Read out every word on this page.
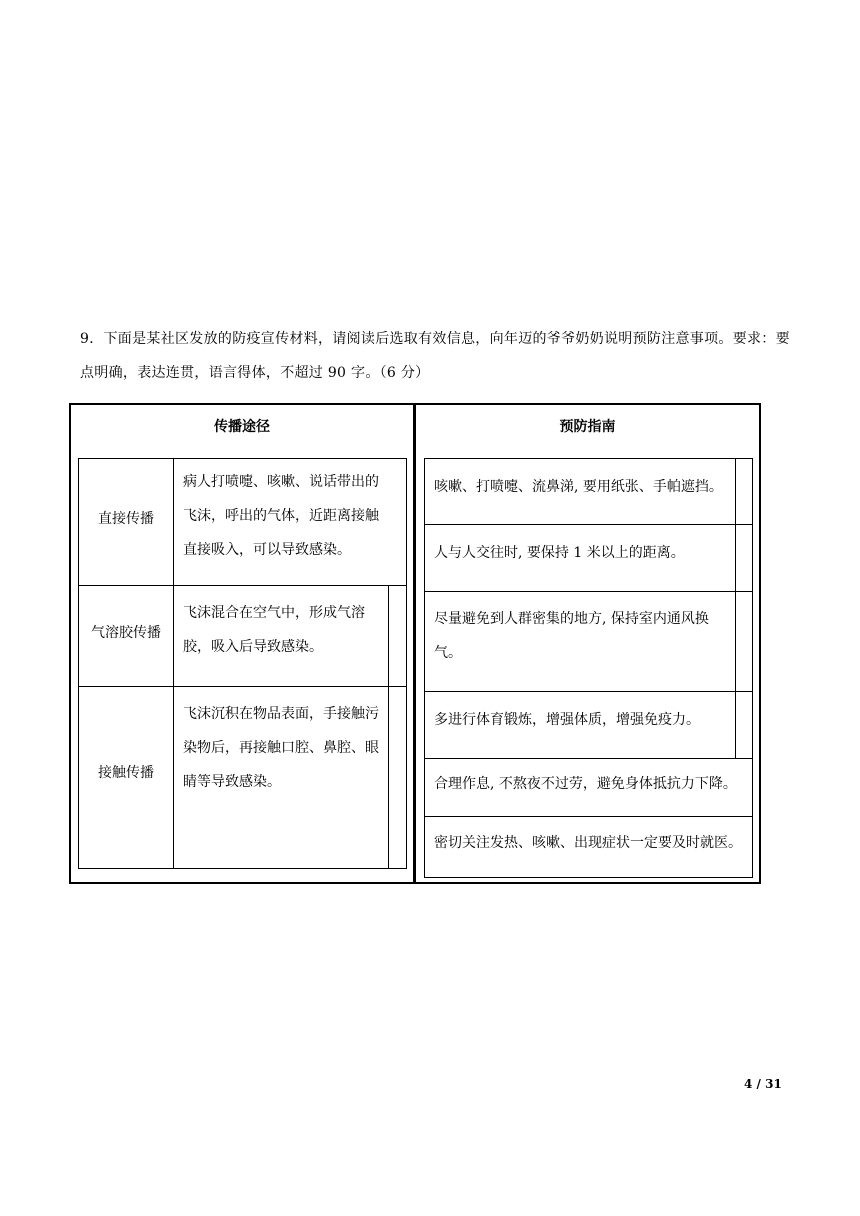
9．下面是某社区发放的防疫宣传材料，请阅读后选取有效信息，向年迈的爷爷奶奶说明预防注意事项。要求：要点明确，表达连贯，语言得体，不超过 90 字。（6 分）
传播途径	预防指南
直接传播
病人打喷嚏、咳嗽、说话带出的飞沫，呼出的气体，近距离接触直接吸入，可以导致感染。
气溶胶传播
飞沫混合在空气中，形成气溶胶，吸入后导致感染。
接触传播
飞沫沉积在物品表面，手接触污染物后，再接触口腔、鼻腔、眼睛等导致感染。
咳嗽、打喷嚏、流鼻涕, 要用纸张、手帕遮挡。
人与人交往时, 要保持 1 米以上的距离。
尽量避免到人群密集的地方, 保持室内通风换气。
多进行体育锻炼，增强体质，增强免疫力。
合理作息, 不熬夜不过劳，避免身体抵抗力下降。
密切关注发热、咳嗽、出现症状一定要及时就医。
4 / 31
